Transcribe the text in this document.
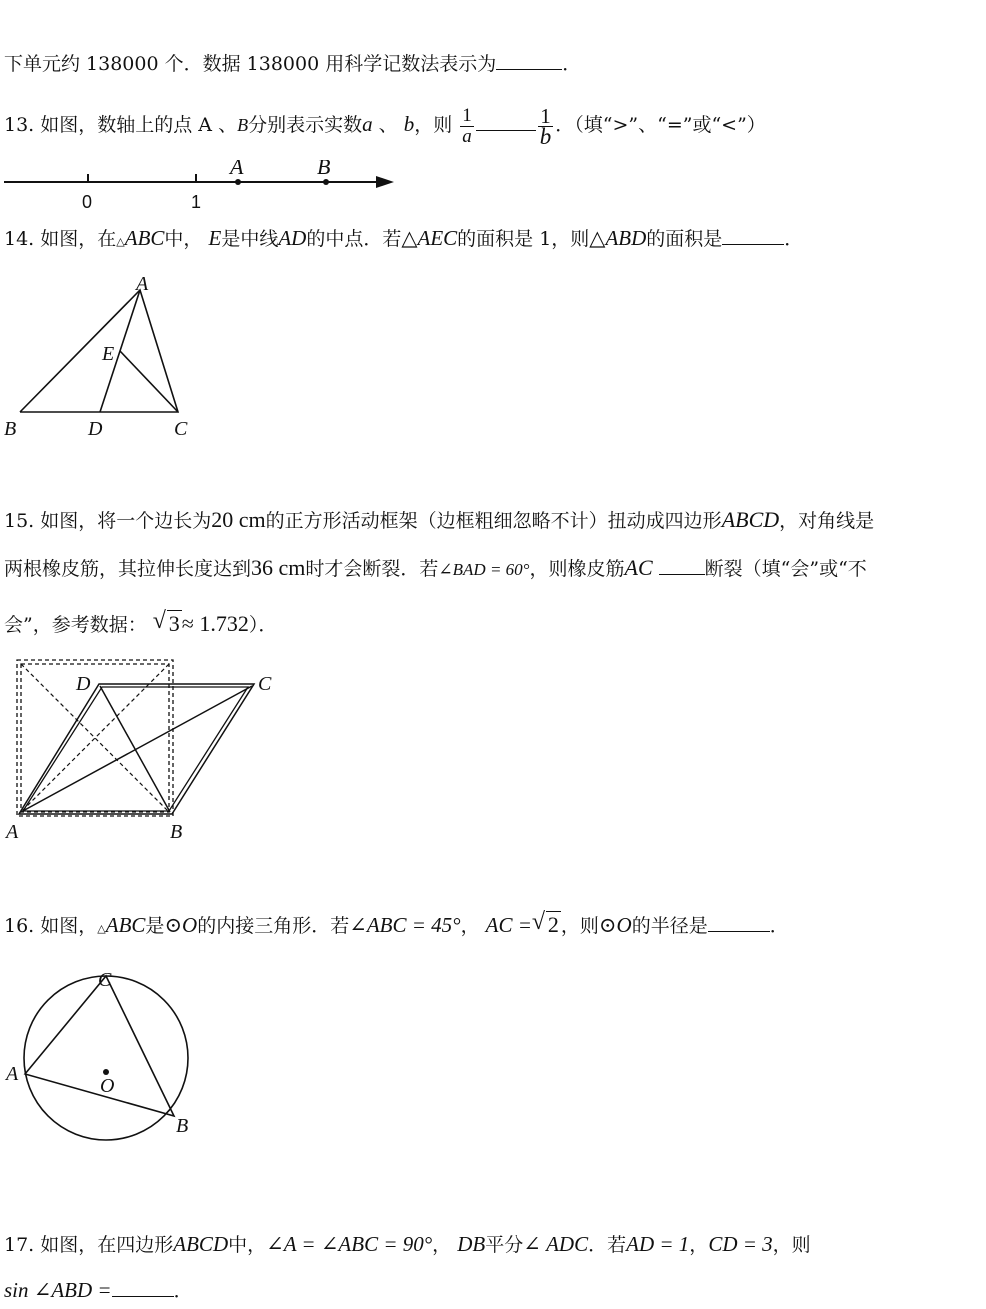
下单元约 138000 个．数据 138000 用科学记数法表示为	．
13. 如图，数轴上的点 A 、B分别表示实数a 、 b，则 $\frac{1}{a}$	$\frac{1}{b}$ ．（填“>”、“=”或“<”）
0	1
A	B
14. 如图，在△ABC中， E是中线AD的中点．若△AEC的面积是 1，则△ABD的面积是	．
A
B	D	C
E
15. 如图，将一个边长为20 cm的正方形活动框架（边框粗细忽略不计）扭动成四边形ABCD，对角线是
两根橡皮筋，其拉伸长度达到36 cm时才会断裂．若∠BAD = 60°，则橡皮筋AC	断裂（填“会”或“不
会”，参考数据： √ 3≈ 1.732）．
D	C
A	B
16. 如图，△ABC是⊙O的内接三角形．若∠ABC = 45°， AC = √ 2 ，则⊙O的半径是	．
C
A
O
B
17. 如图，在四边形ABCD中，∠A = ∠ABC = 90°， DB平分∠ ADC．若AD = 1，CD = 3，则
sin ∠ABD =	．
